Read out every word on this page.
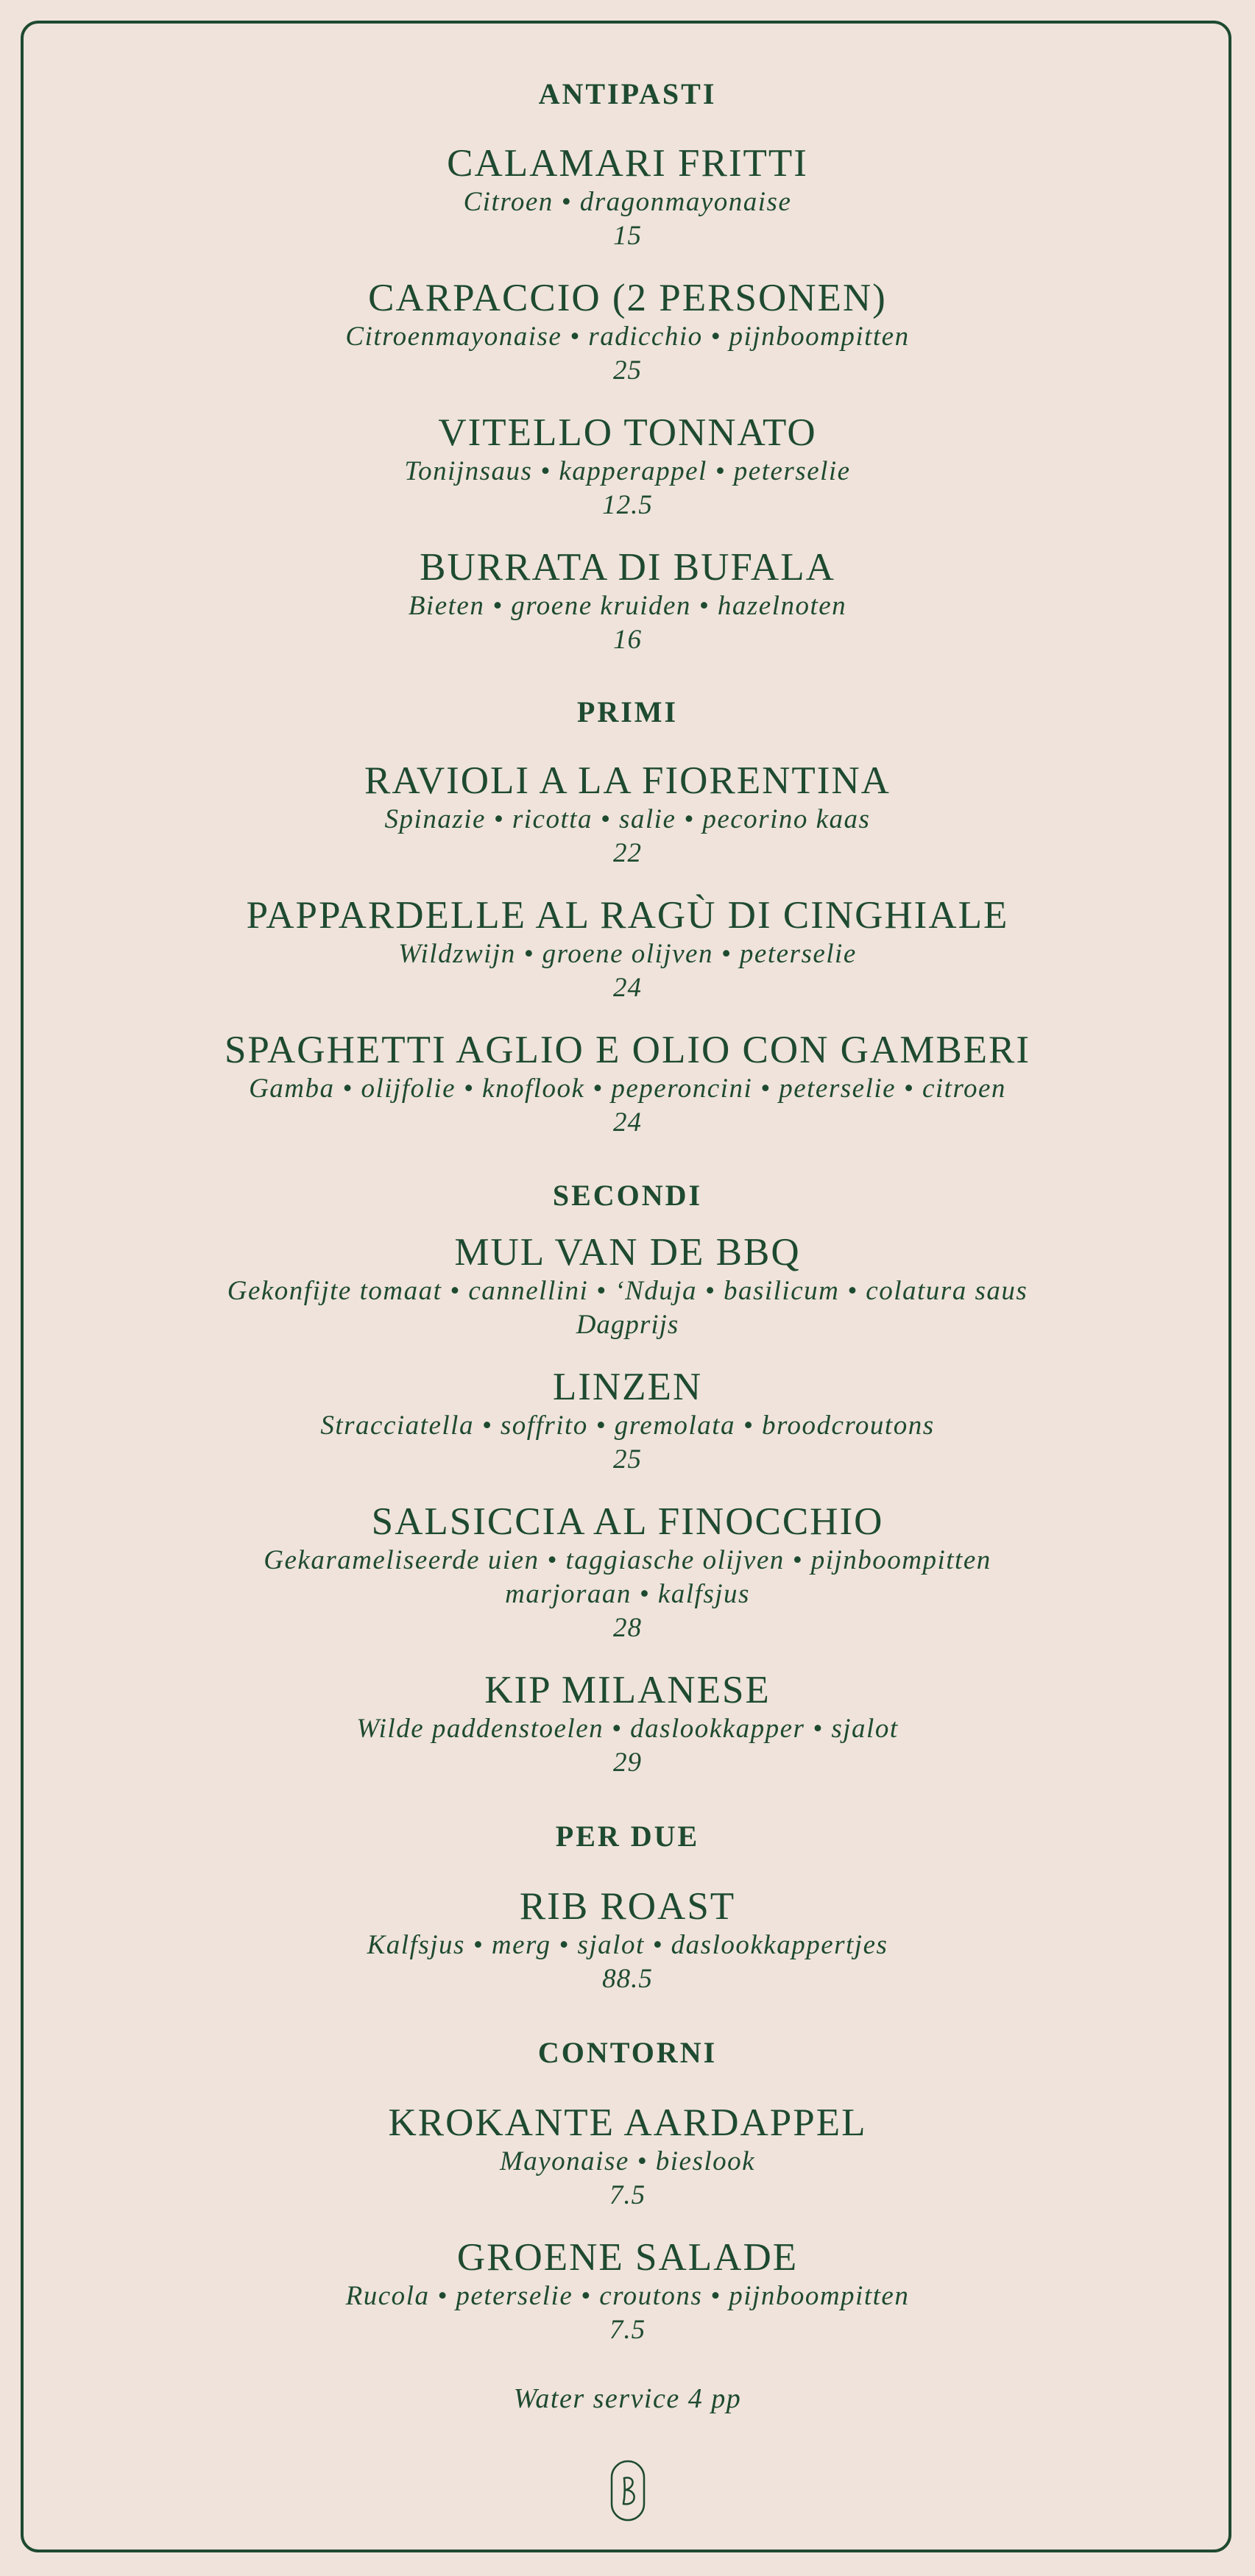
ANTIPASTI
CALAMARI FRITTI
Citroen • dragonmayonaise
15
CARPACCIO (2 PERSONEN)
Citroenmayonaise • radicchio • pijnboompitten
25
VITELLO TONNATO
Tonijnsaus • kapperappel • peterselie
12.5
BURRATA DI BUFALA
Bieten • groene kruiden • hazelnoten
16
PRIMI
RAVIOLI A LA FIORENTINA
Spinazie • ricotta • salie • pecorino kaas
22
PAPPARDELLE AL RAGÙ DI CINGHIALE
Wildzwijn • groene olijven • peterselie
24
SPAGHETTI AGLIO E OLIO CON GAMBERI
Gamba • olijfolie • knoflook • peperoncini • peterselie • citroen
24
SECONDI
MUL VAN DE BBQ
Gekonfijte tomaat • cannellini • ‘Nduja • basilicum • colatura saus
Dagprijs
LINZEN
Stracciatella • soffrito • gremolata • broodcroutons
25
SALSICCIA AL FINOCCHIO
Gekarameliseerde uien • taggiasche olijven • pijnboompitten
marjoraan • kalfsjus
28
KIP MILANESE
Wilde paddenstoelen • daslookkapper • sjalot
29
PER DUE
RIB ROAST
Kalfsjus • merg • sjalot • daslookkappertjes
88.5
CONTORNI
KROKANTE AARDAPPEL
Mayonaise • bieslook
7.5
GROENE SALADE
Rucola • peterselie • croutons • pijnboompitten
7.5
Water service 4 pp
